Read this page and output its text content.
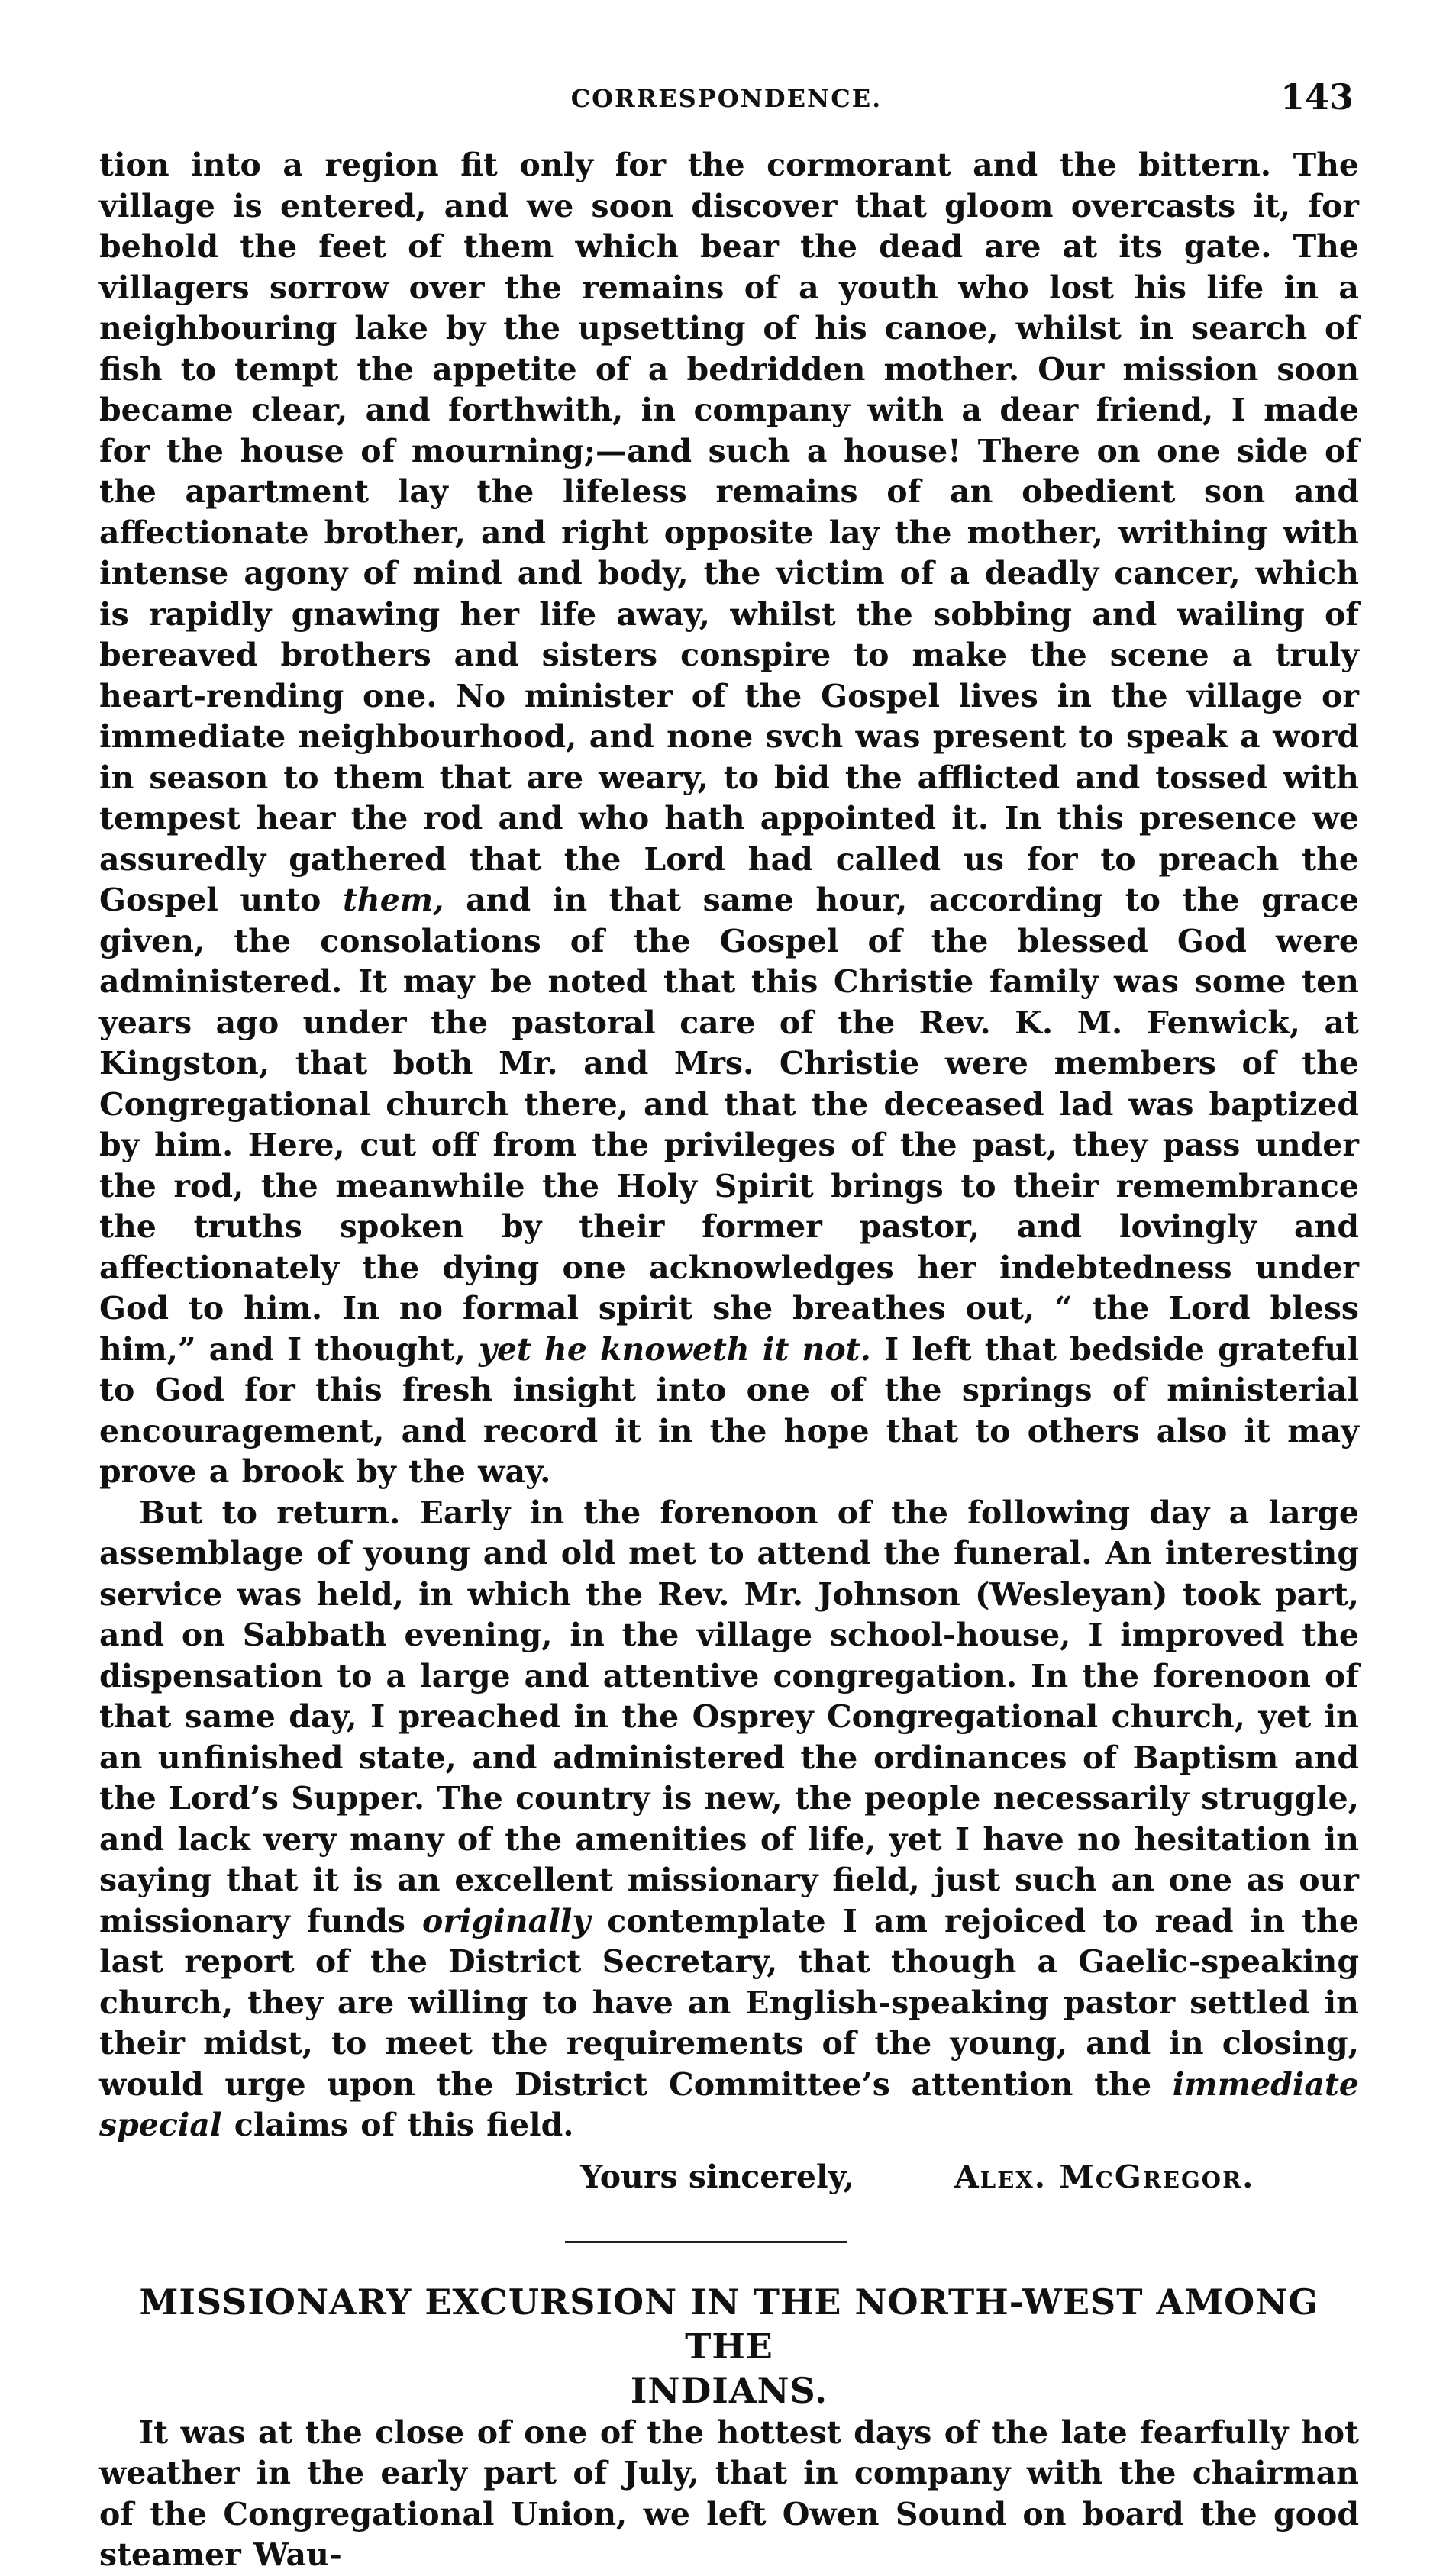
CORRESPONDENCE.	143

tion into a region fit only for the cormorant and the bittern. The village is entered, and we soon discover that gloom overcasts it, for behold the feet of them which bear the dead are at its gate. The villagers sorrow over the remains of a youth who lost his life in a neighbouring lake by the upsetting of his canoe, whilst in search of fish to tempt the appetite of a bedridden mother. Our mission soon became clear, and forthwith, in company with a dear friend, I made for the house of mourning;—and such a house! There on one side of the apartment lay the lifeless remains of an obedient son and affectionate brother, and right opposite lay the mother, writhing with intense agony of mind and body, the victim of a deadly cancer, which is rapidly gnawing her life away, whilst the sobbing and wailing of bereaved brothers and sisters conspire to make the scene a truly heart-rending one. No minister of the Gospel lives in the village or immediate neighbourhood, and none svch was present to speak a word in season to them that are weary, to bid the afflicted and tossed with tempest hear the rod and who hath appointed it. In this presence we assuredly gathered that the Lord had called us for to preach the Gospel unto them, and in that same hour, according to the grace given, the consolations of the Gospel of the blessed God were administered. It may be noted that this Christie family was some ten years ago under the pastoral care of the Rev. K. M. Fenwick, at Kingston, that both Mr. and Mrs. Christie were members of the Congregational church there, and that the deceased lad was baptized by him. Here, cut off from the privileges of the past, they pass under the rod, the meanwhile the Holy Spirit brings to their remembrance the truths spoken by their former pastor, and lovingly and affectionately the dying one acknowledges her indebtedness under God to him. In no formal spirit she breathes out, “ the Lord bless him,” and I thought, yet he knoweth it not. I left that bedside grateful to God for this fresh insight into one of the springs of ministerial encouragement, and record it in the hope that to others also it may prove a brook by the way.

But to return. Early in the forenoon of the following day a large assemblage of young and old met to attend the funeral. An interesting service was held, in which the Rev. Mr. Johnson (Wesleyan) took part, and on Sabbath evening, in the village school-house, I improved the dispensation to a large and attentive congregation. In the forenoon of that same day, I preached in the Osprey Congregational church, yet in an unfinished state, and administered the ordinances of Baptism and the Lord’s Supper. The country is new, the people necessarily struggle, and lack very many of the amenities of life, yet I have no hesitation in saying that it is an excellent missionary field, just such an one as our missionary funds originally contemplate I am rejoiced to read in the last report of the District Secretary, that though a Gaelic-speaking church, they are willing to have an English-speaking pastor settled in their midst, to meet the requirements of the young, and in closing, would urge upon the District Committee’s attention the immediate special claims of this field.

Yours sincerely,	Alex. McGregor.
MISSIONARY EXCURSION IN THE NORTH-WEST AMONG THE
INDIANS.

It was at the close of one of the hottest days of the late fearfully hot weather in the early part of July, that in company with the chairman of the Congregational Union, we left Owen Sound on board the good steamer Wau-
